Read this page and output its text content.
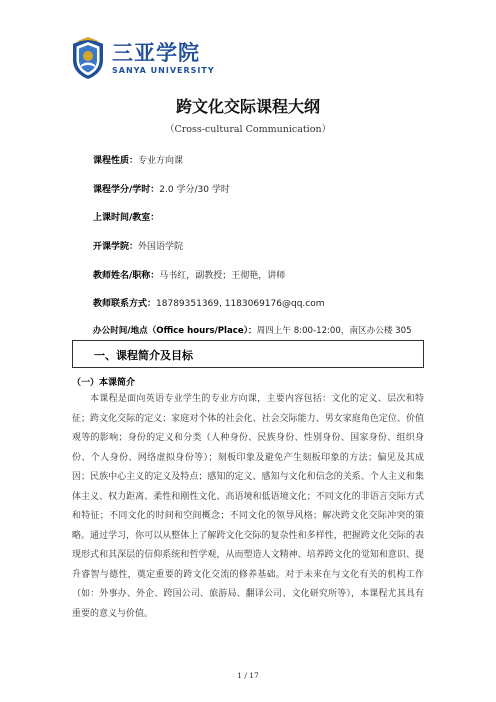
三亚学院
SANYA UNIVERSITY
跨文化交际课程大纲
（Cross-cultural Communication）
课程性质：专业方向课
课程学分/学时：2.0 学分/30 学时
上课时间/教室：
开课学院：外国语学院
教师姓名/职称：马书红，副教授；王彻艳，讲师
教师联系方式：18789351369, 1183069176@qq.com
办公时间/地点（Office hours/Place）：周四上午 8:00-12:00，南区办公楼 305
一、课程简介及目标
（一）本课简介

本课程是面向英语专业学生的专业方向课，主要内容包括：文化的定义、层次和特征；跨文化交际的定义；家庭对个体的社会化、社会交际能力、男女家庭角色定位、价值观等的影响；身份的定义和分类（人种身份、民族身份、性别身份、国家身份、组织身份、个人身份、网络虚拟身份等）；刻板印象及避免产生刻板印象的方法；偏见及其成因；民族中心主义的定义及特点；感知的定义、感知与文化和信念的关系、个人主义和集体主义、权力距离、柔性和刚性文化、高语境和低语境文化；不同文化的非语言交际方式和特征；不同文化的时间和空间概念；不同文化的领导风格；解决跨文化交际冲突的策略。通过学习，你可以从整体上了解跨文化交际的复杂性和多样性，把握跨文化交际的表现形式和其深层的信仰系统和哲学观，从而塑造人文精神、培养跨文化的觉知和意识、提升睿智与德性，奠定重要的跨文化交流的修养基础。对于未来在与文化有关的机构工作（如：外事办、外企、跨国公司、旅游局、翻译公司、文化研究所等），本课程尤其具有重要的意义与价值。

1 / 17
